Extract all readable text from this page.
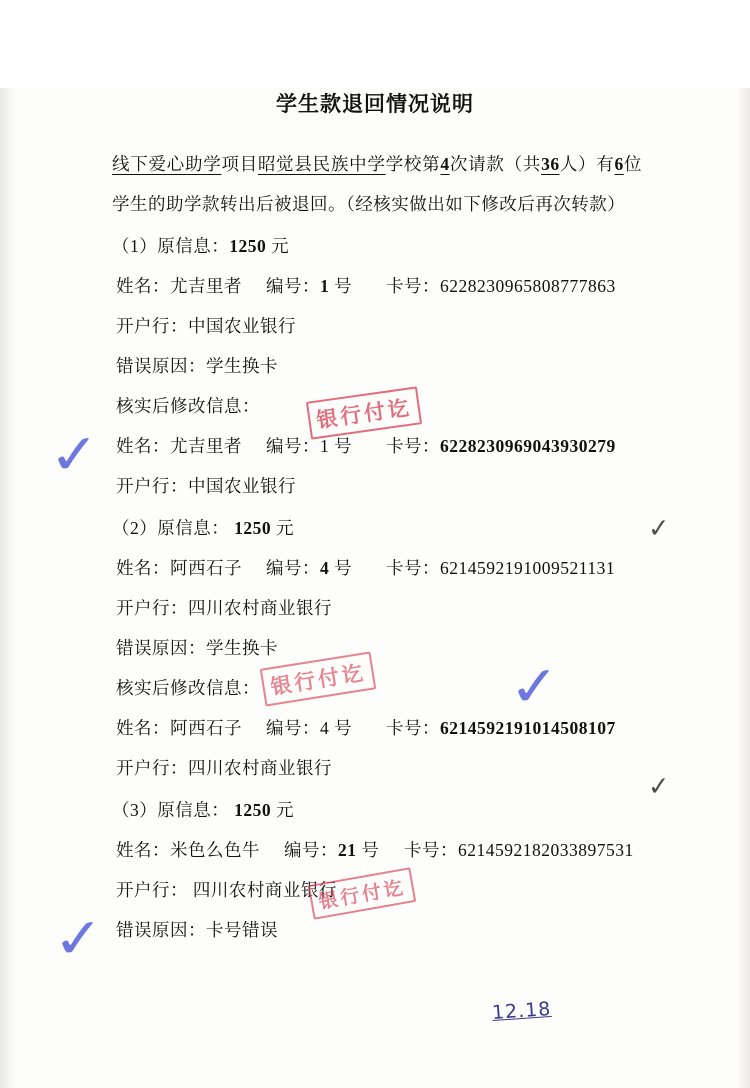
学生款退回情况说明
线下爱心助学项目昭觉县民族中学学校第4次请款（共36人）有6位学生的助学款转出后被退回。（经核实做出如下修改后再次转款）
（1）原信息：1250 元
姓名：尤吉里者 编号：1 号 卡号：6228230965808777863
开户行：中国农业银行
错误原因：学生换卡
核实后修改信息：
姓名：尤吉里者 编号：1 号 卡号：6228230969043930279
开户行：中国农业银行
（2）原信息： 1250 元
姓名：阿西石子 编号：4 号 卡号：6214592191009521131
开户行：四川农村商业银行
错误原因：学生换卡
核实后修改信息：
姓名：阿西石子 编号：4 号 卡号：6214592191014508107
开户行：四川农村商业银行
（3）原信息： 1250 元
姓名：米色么色牛 编号：21 号 卡号：6214592182033897531
开户行： 四川农村商业银行
错误原因：卡号错误
✓
✓
✓
✓
✓
银行付讫
银行付讫
银行付讫
12.18
